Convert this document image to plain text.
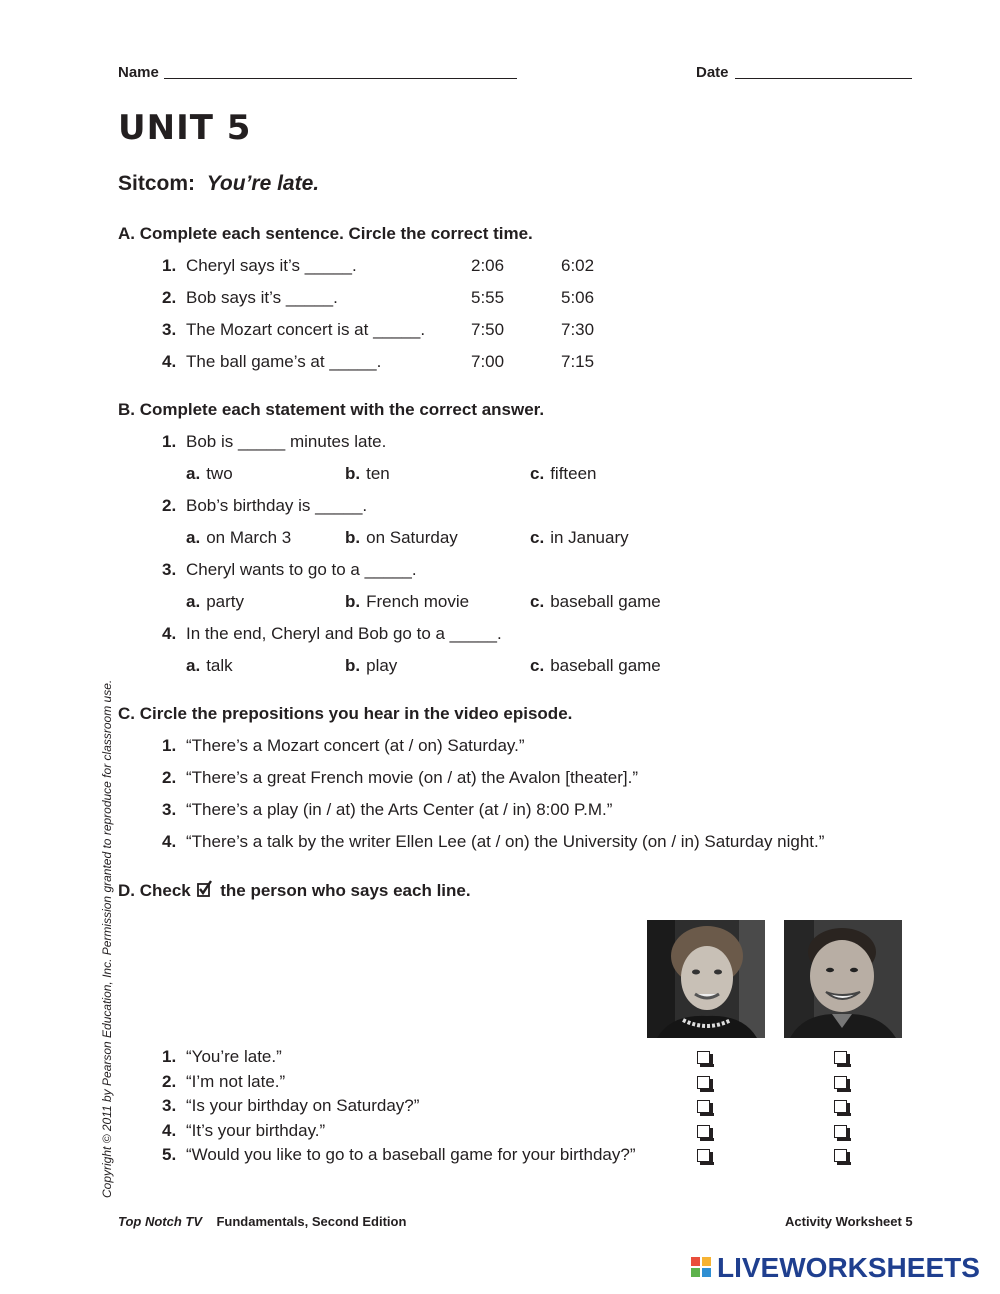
Name	Date
UNIT 5
Sitcom: You’re late.
A. Complete each sentence. Circle the correct time.
1. Cheryl says it’s _____.	2:06	6:02
2. Bob says it’s _____.	5:55	5:06
3. The Mozart concert is at _____.	7:50	7:30
4. The ball game’s at _____.	7:00	7:15
B. Complete each statement with the correct answer.
1. Bob is _____ minutes late.
a. two	b. ten	c. fifteen
2. Bob’s birthday is _____.
a. on March 3	b. on Saturday	c. in January
3. Cheryl wants to go to a _____.
a. party	b. French movie	c. baseball game
4. In the end, Cheryl and Bob go to a _____.
a. talk	b. play	c. baseball game
C. Circle the prepositions you hear in the video episode.
1. “There’s a Mozart concert (at / on) Saturday.”
2. “There’s a great French movie (on / at) the Avalon [theater].”
3. “There’s a play (in / at) the Arts Center (at / in) 8:00 P.M.”
4. “There’s a talk by the writer Ellen Lee (at / on) the University (on / in) Saturday night.”
D. Check the person who says each line.
1. “You’re late.”
2. “I’m not late.”
3. “Is your birthday on Saturday?”
4. “It’s your birthday.”
5. “Would you like to go to a baseball game for your birthday?”
Copyright © 2011 by Pearson Education, Inc. Permission granted to reproduce for classroom use.
Top Notch TV Fundamentals, Second Edition	Activity Worksheet 5
LIVEWORKSHEETS
